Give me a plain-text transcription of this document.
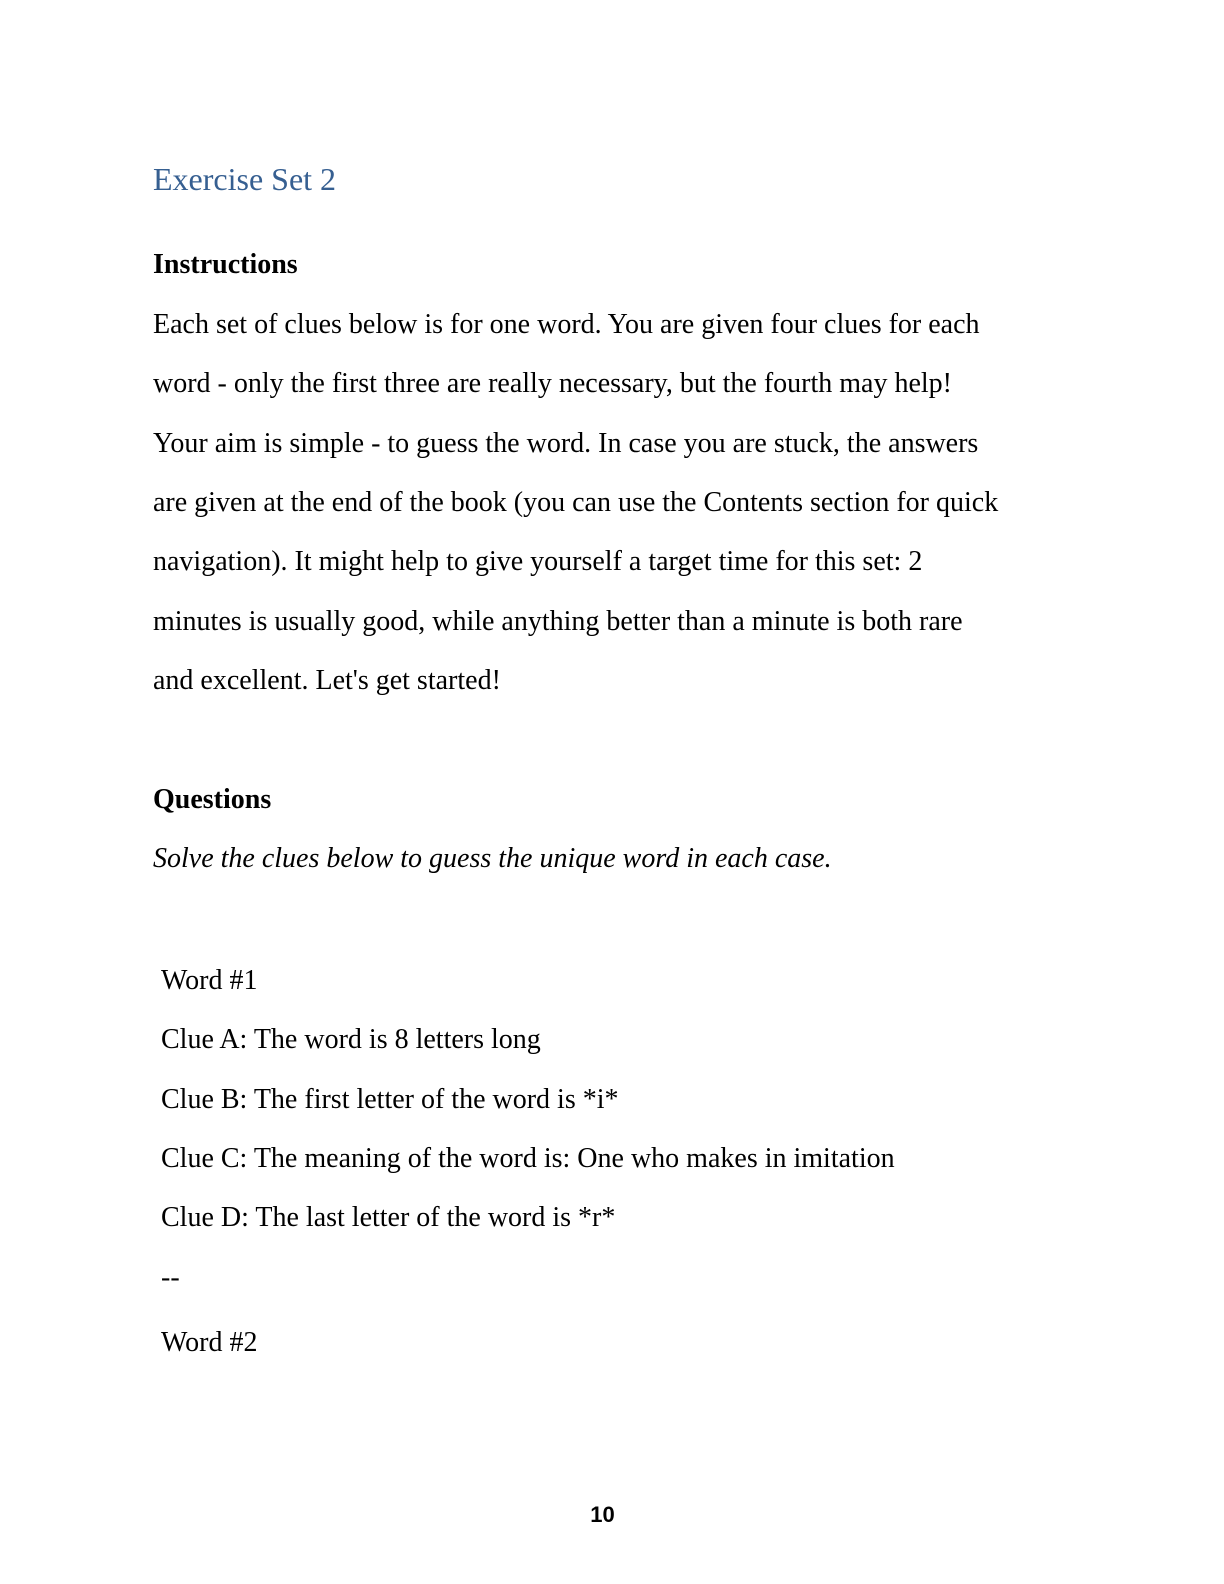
Exercise Set 2
Instructions
Each set of clues below is for one word. You are given four clues for each
word - only the first three are really necessary, but the fourth may help!
Your aim is simple - to guess the word. In case you are stuck, the answers
are given at the end of the book (you can use the Contents section for quick
navigation). It might help to give yourself a target time for this set: 2
minutes is usually good, while anything better than a minute is both rare
and excellent. Let's get started!
Questions
Solve the clues below to guess the unique word in each case.
Word #1
Clue A: The word is 8 letters long
Clue B: The first letter of the word is *i*
Clue C: The meaning of the word is: One who makes in imitation
Clue D: The last letter of the word is *r*
--
Word #2
10
